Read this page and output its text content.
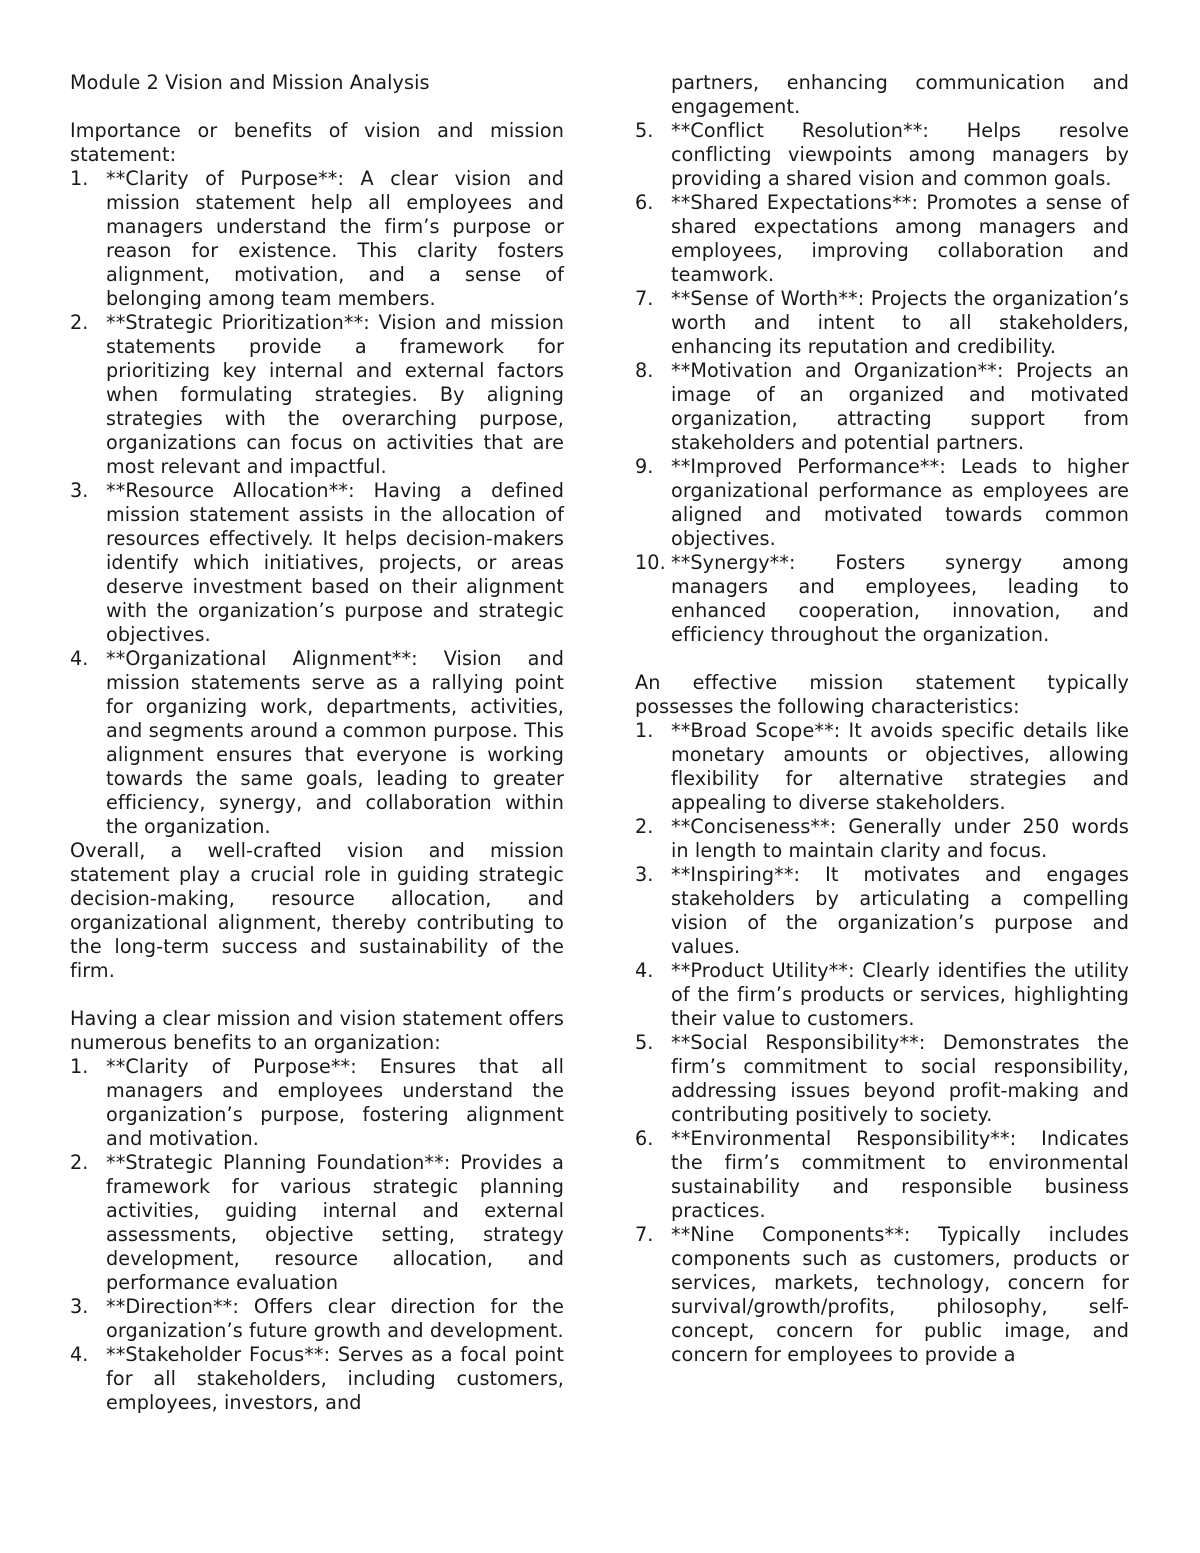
Module 2 Vision and Mission Analysis

Importance or benefits of vision and mission statement:

1. **Clarity of Purpose**: A clear vision and mission statement help all employees and managers understand the firm’s purpose or reason for existence. This clarity fosters alignment, motivation, and a sense of belonging among team members.

2. **Strategic Prioritization**: Vision and mission statements provide a framework for prioritizing key internal and external factors when formulating strategies. By aligning strategies with the overarching purpose, organizations can focus on activities that are most relevant and impactful.

3. **Resource Allocation**: Having a defined mission statement assists in the allocation of resources effectively. It helps decision-makers identify which initiatives, projects, or areas deserve investment based on their alignment with the organization’s purpose and strategic objectives.

4. **Organizational Alignment**: Vision and mission statements serve as a rallying point for organizing work, departments, activities, and segments around a common purpose. This alignment ensures that everyone is working towards the same goals, leading to greater efficiency, synergy, and collaboration within the organization.

Overall, a well-crafted vision and mission statement play a crucial role in guiding strategic decision-making, resource allocation, and organizational alignment, thereby contributing to the long-term success and sustainability of the firm.

Having a clear mission and vision statement offers numerous benefits to an organization:

1. **Clarity of Purpose**: Ensures that all managers and employees understand the organization’s purpose, fostering alignment and motivation.

2. **Strategic Planning Foundation**: Provides a framework for various strategic planning activities, guiding internal and external assessments, objective setting, strategy development, resource allocation, and performance evaluation

3. **Direction**: Offers clear direction for the organization’s future growth and development.

4. **Stakeholder Focus**: Serves as a focal point for all stakeholders, including customers, employees, investors, and

partners, enhancing communication and engagement.

5. **Conflict Resolution**: Helps resolve conflicting viewpoints among managers by providing a shared vision and common goals.

6. **Shared Expectations**: Promotes a sense of shared expectations among managers and employees, improving collaboration and teamwork.

7. **Sense of Worth**: Projects the organization’s worth and intent to all stakeholders, enhancing its reputation and credibility.

8. **Motivation and Organization**: Projects an image of an organized and motivated organization, attracting support from stakeholders and potential partners.

9. **Improved Performance**: Leads to higher organizational performance as employees are aligned and motivated towards common objectives.

10. **Synergy**: Fosters synergy among managers and employees, leading to enhanced cooperation, innovation, and efficiency throughout the organization.

An effective mission statement typically possesses the following characteristics:

1. **Broad Scope**: It avoids specific details like monetary amounts or objectives, allowing flexibility for alternative strategies and appealing to diverse stakeholders.

2. **Conciseness**: Generally under 250 words in length to maintain clarity and focus.

3. **Inspiring**: It motivates and engages stakeholders by articulating a compelling vision of the organization’s purpose and values.

4. **Product Utility**: Clearly identifies the utility of the firm’s products or services, highlighting their value to customers.

5. **Social Responsibility**: Demonstrates the firm’s commitment to social responsibility, addressing issues beyond profit-making and contributing positively to society.

6. **Environmental Responsibility**: Indicates the firm’s commitment to environmental sustainability and responsible business practices.

7. **Nine Components**: Typically includes components such as customers, products or services, markets, technology, concern for survival/growth/profits, philosophy, self-concept, concern for public image, and concern for employees to provide a
